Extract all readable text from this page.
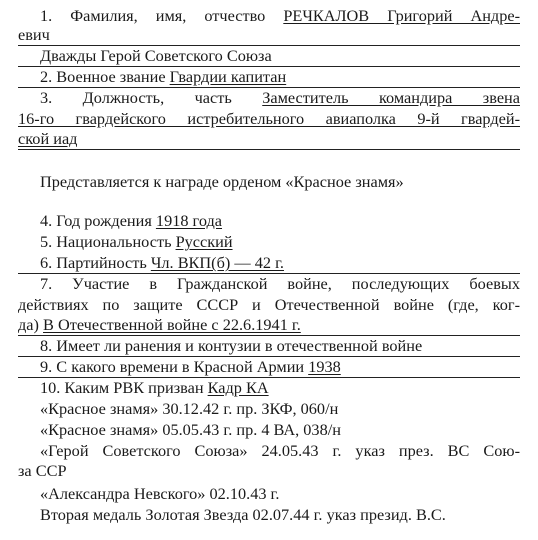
1. Фамилия, имя, отчество РЕЧКАЛОВ Григорий Андре-
евич
Дважды Герой Советского Союза
2. Военное звание Гвардии капитан
3. Должность, часть Заместитель командира звена
16-го гвардейского истребительного авиаполка 9-й гвардей-
ской иад
Представляется к награде орденом «Красное знамя»
4. Год рождения 1918 года
5. Национальность Русский
6. Партийность Чл. ВКП(б) — 42 г.
7. Участие в Гражданской войне, последующих боевых
действиях по защите СССР и Отечественной войне (где, ког-
да) В Отечественной войне с 22.6.1941 г.
8. Имеет ли ранения и контузии в отечественной войне
9. С какого времени в Красной Армии 1938
10. Каким РВК призван Кадр КА
«Красное знамя» 30.12.42 г. пр. ЗКФ, 060/н
«Красное знамя» 05.05.43 г. пр. 4 ВА, 038/н
«Герой Советского Союза» 24.05.43 г. указ през. ВС Сою-
за ССР
«Александра Невского» 02.10.43 г.
Вторая медаль Золотая Звезда 02.07.44 г. указ презид. В.С.
